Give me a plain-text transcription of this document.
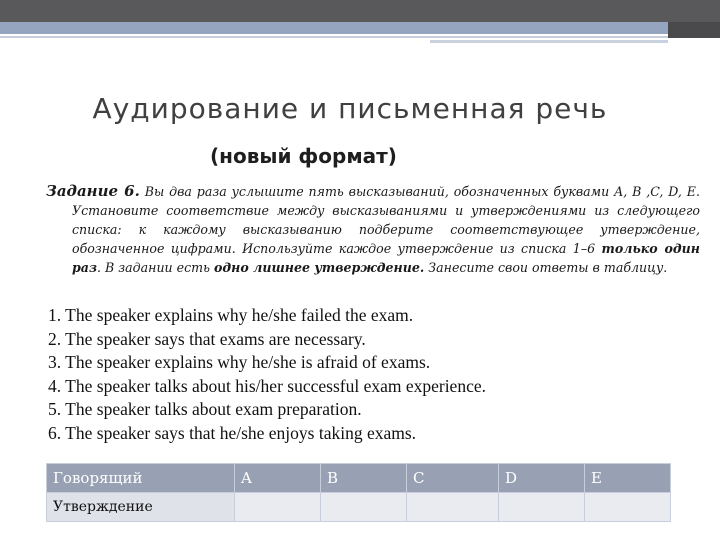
Аудирование и письменная речь
(новый формат)
Задание 6. Вы два раза услышите пять высказываний, обозначенных буквами A, B ,C, D, E. Установите соответствие между высказываниями и утверждениями из следующего списка: к каждому высказыванию подберите соответствующее утверждение, обозначенное цифрами. Используйте каждое утверждение из списка 1–6 только один раз. В задании есть одно лишнее утверждение. Занесите свои ответы в таблицу.
1. The speaker explains why he/she failed the exam.
2. The speaker says that exams are necessary.
3. The speaker explains why he/she is afraid of exams.
4. The speaker talks about his/her successful exam experience.
5. The speaker talks about exam preparation.
6. The speaker says that he/she enjoys taking exams.
Говорящий	A	B	C	D	E
Утверждение					
